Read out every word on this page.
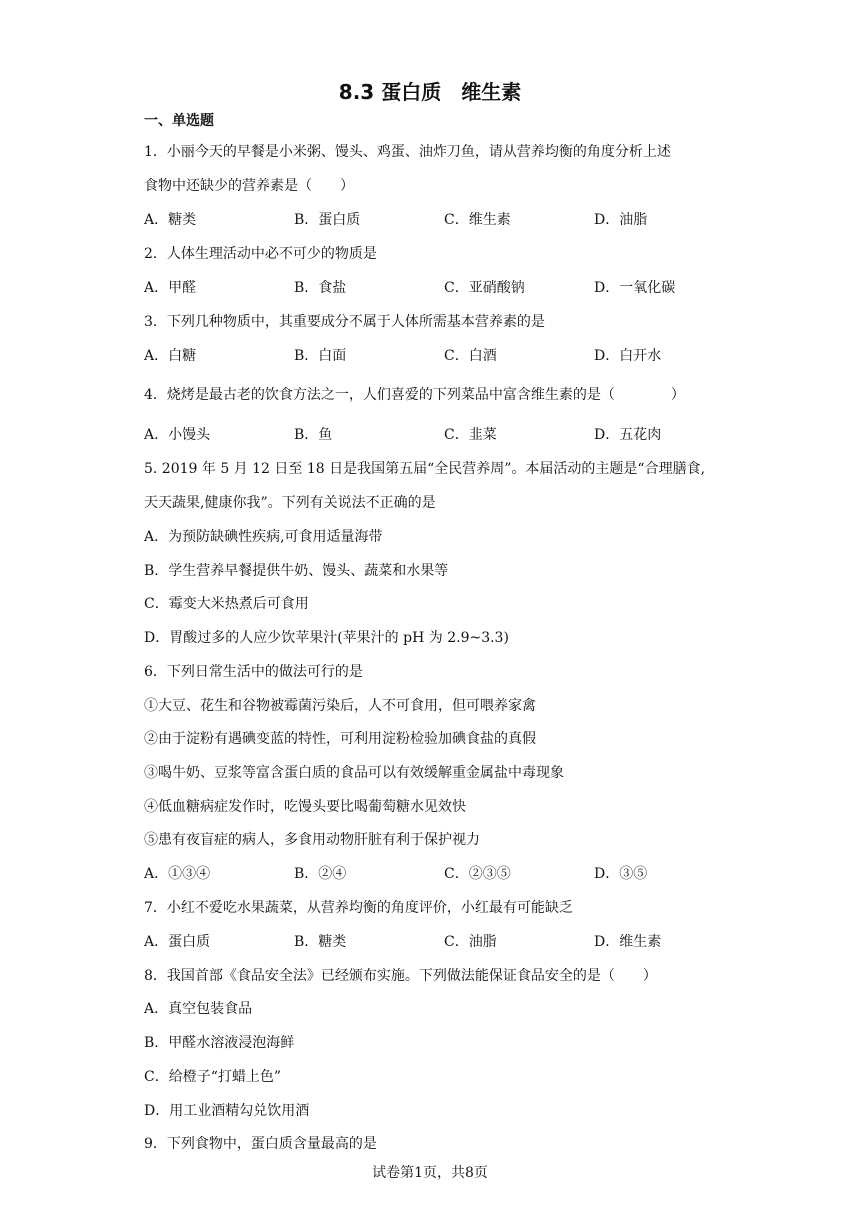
8.3 蛋白质　维生素
一、单选题
1．小丽今天的早餐是小米粥、馒头、鸡蛋、油炸刀鱼，请从营养均衡的角度分析上述
食物中还缺少的营养素是（　　）
A．糖类	B．蛋白质	C．维生素	D．油脂
2．人体生理活动中必不可少的物质是
A．甲醛	B．食盐	C．亚硝酸钠	D．一氧化碳
3．下列几种物质中，其重要成分不属于人体所需基本营养素的是
A．白糖	B．白面	C．白酒	D．白开水
4．烧烤是最古老的饮食方法之一，人们喜爱的下列菜品中富含维生素的是（　　　　）
A．小馒头	B．鱼	C．韭菜	D．五花肉
5. 2019 年 5 月 12 日至 18 日是我国第五届“全民营养周”。本届活动的主题是“合理膳食,
天天蔬果,健康你我”。下列有关说法不正确的是
A．为预防缺碘性疾病,可食用适量海带
B．学生营养早餐提供牛奶、馒头、蔬菜和水果等
C．霉变大米热煮后可食用
D．胃酸过多的人应少饮苹果汁(苹果汁的 pH 为 2.9~3.3)
6．下列日常生活中的做法可行的是
①大豆、花生和谷物被霉菌污染后，人不可食用，但可喂养家禽
②由于淀粉有遇碘变蓝的特性，可利用淀粉检验加碘食盐的真假
③喝牛奶、豆浆等富含蛋白质的食品可以有效缓解重金属盐中毒现象
④低血糖病症发作时，吃馒头要比喝葡萄糖水见效快
⑤患有夜盲症的病人，多食用动物肝脏有利于保护视力
A．①③④	B．②④	C．②③⑤	D．③⑤
7．小红不爱吃水果蔬菜，从营养均衡的角度评价，小红最有可能缺乏
A．蛋白质	B．糖类	C．油脂	D．维生素
8．我国首部《食品安全法》已经颁布实施。下列做法能保证食品安全的是（　　）
A．真空包装食品
B．甲醛水溶液浸泡海鲜
C．给橙子“打蜡上色”
D．用工业酒精勾兑饮用酒
9．下列食物中，蛋白质含量最高的是
试卷第1页，共8页
